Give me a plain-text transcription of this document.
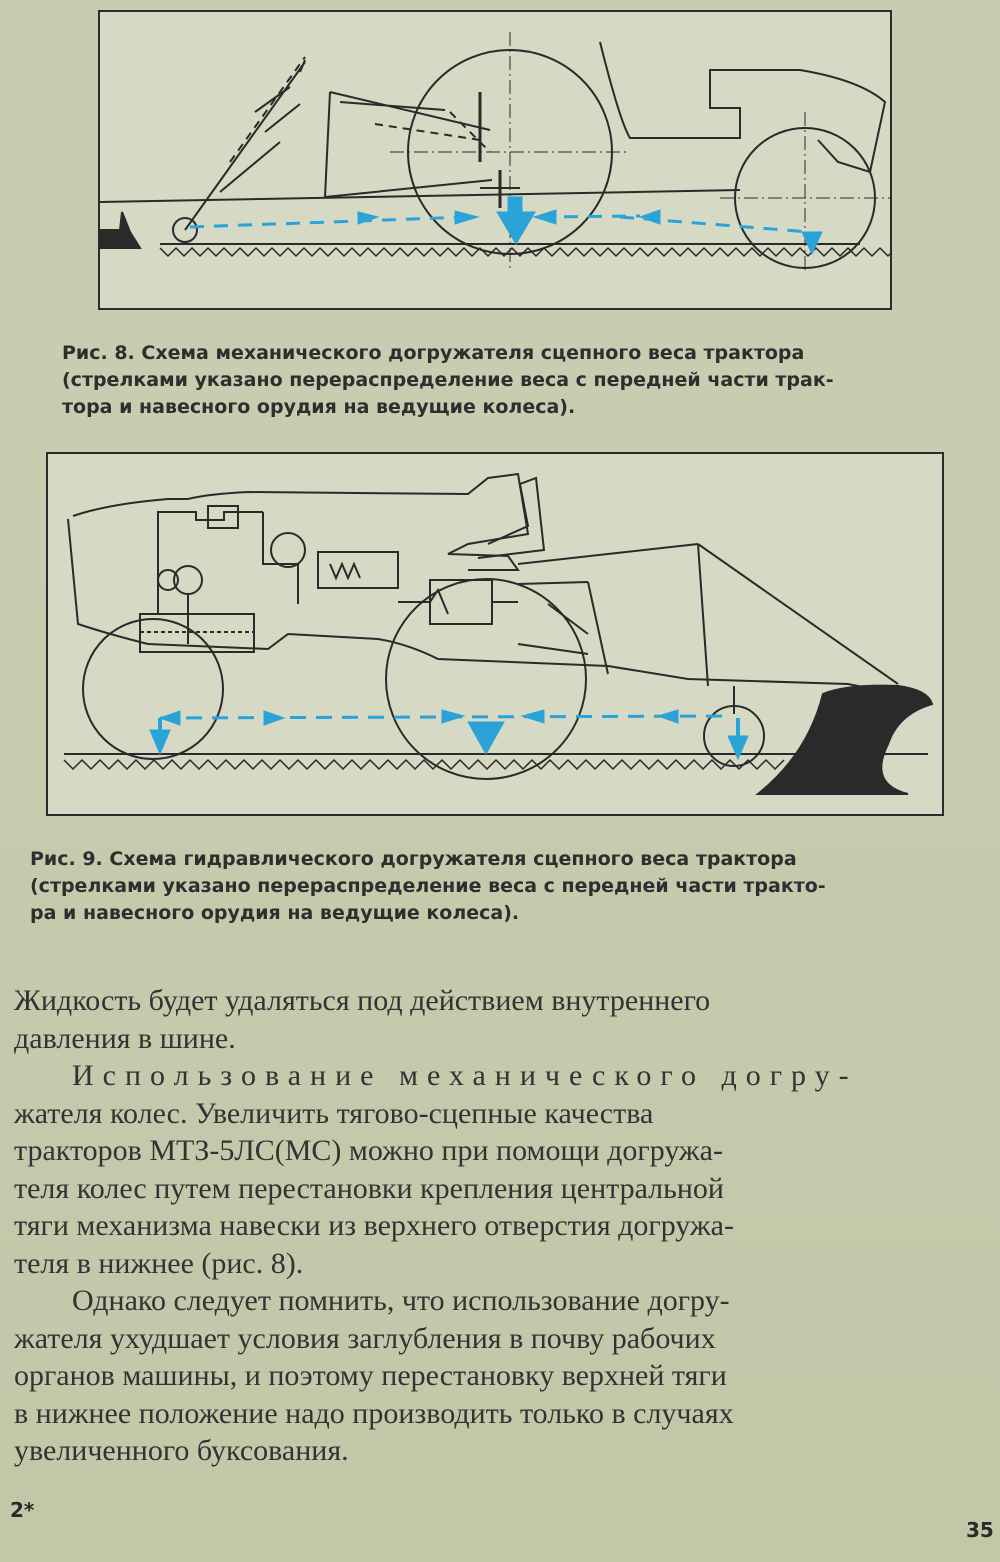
Рис. 8. Схема механического догружателя сцепного веса трактора
(стрелками указано перераспределение веса с передней части трак-
тора и навесного орудия на ведущие колеса).
Рис. 9. Схема гидравлического догружателя сцепного веса трактора
(стрелками указано перераспределение веса с передней части тракто-
ра и навесного орудия на ведущие колеса).
Жидкость будет удаляться под действием внутреннего
давления в шине.
Использование механического догру-
жателя колес. Увеличить тягово-сцепные качества
тракторов МТЗ-5ЛС(МС) можно при помощи догружа-
теля колес путем перестановки крепления центральной
тяги механизма навески из верхнего отверстия догружа-
теля в нижнее (рис. 8).
Однако следует помнить, что использование догру-
жателя ухудшает условия заглубления в почву рабочих
органов машины, и поэтому перестановку верхней тяги
в нижнее положение надо производить только в случаях
увеличенного буксования.
2*
35
